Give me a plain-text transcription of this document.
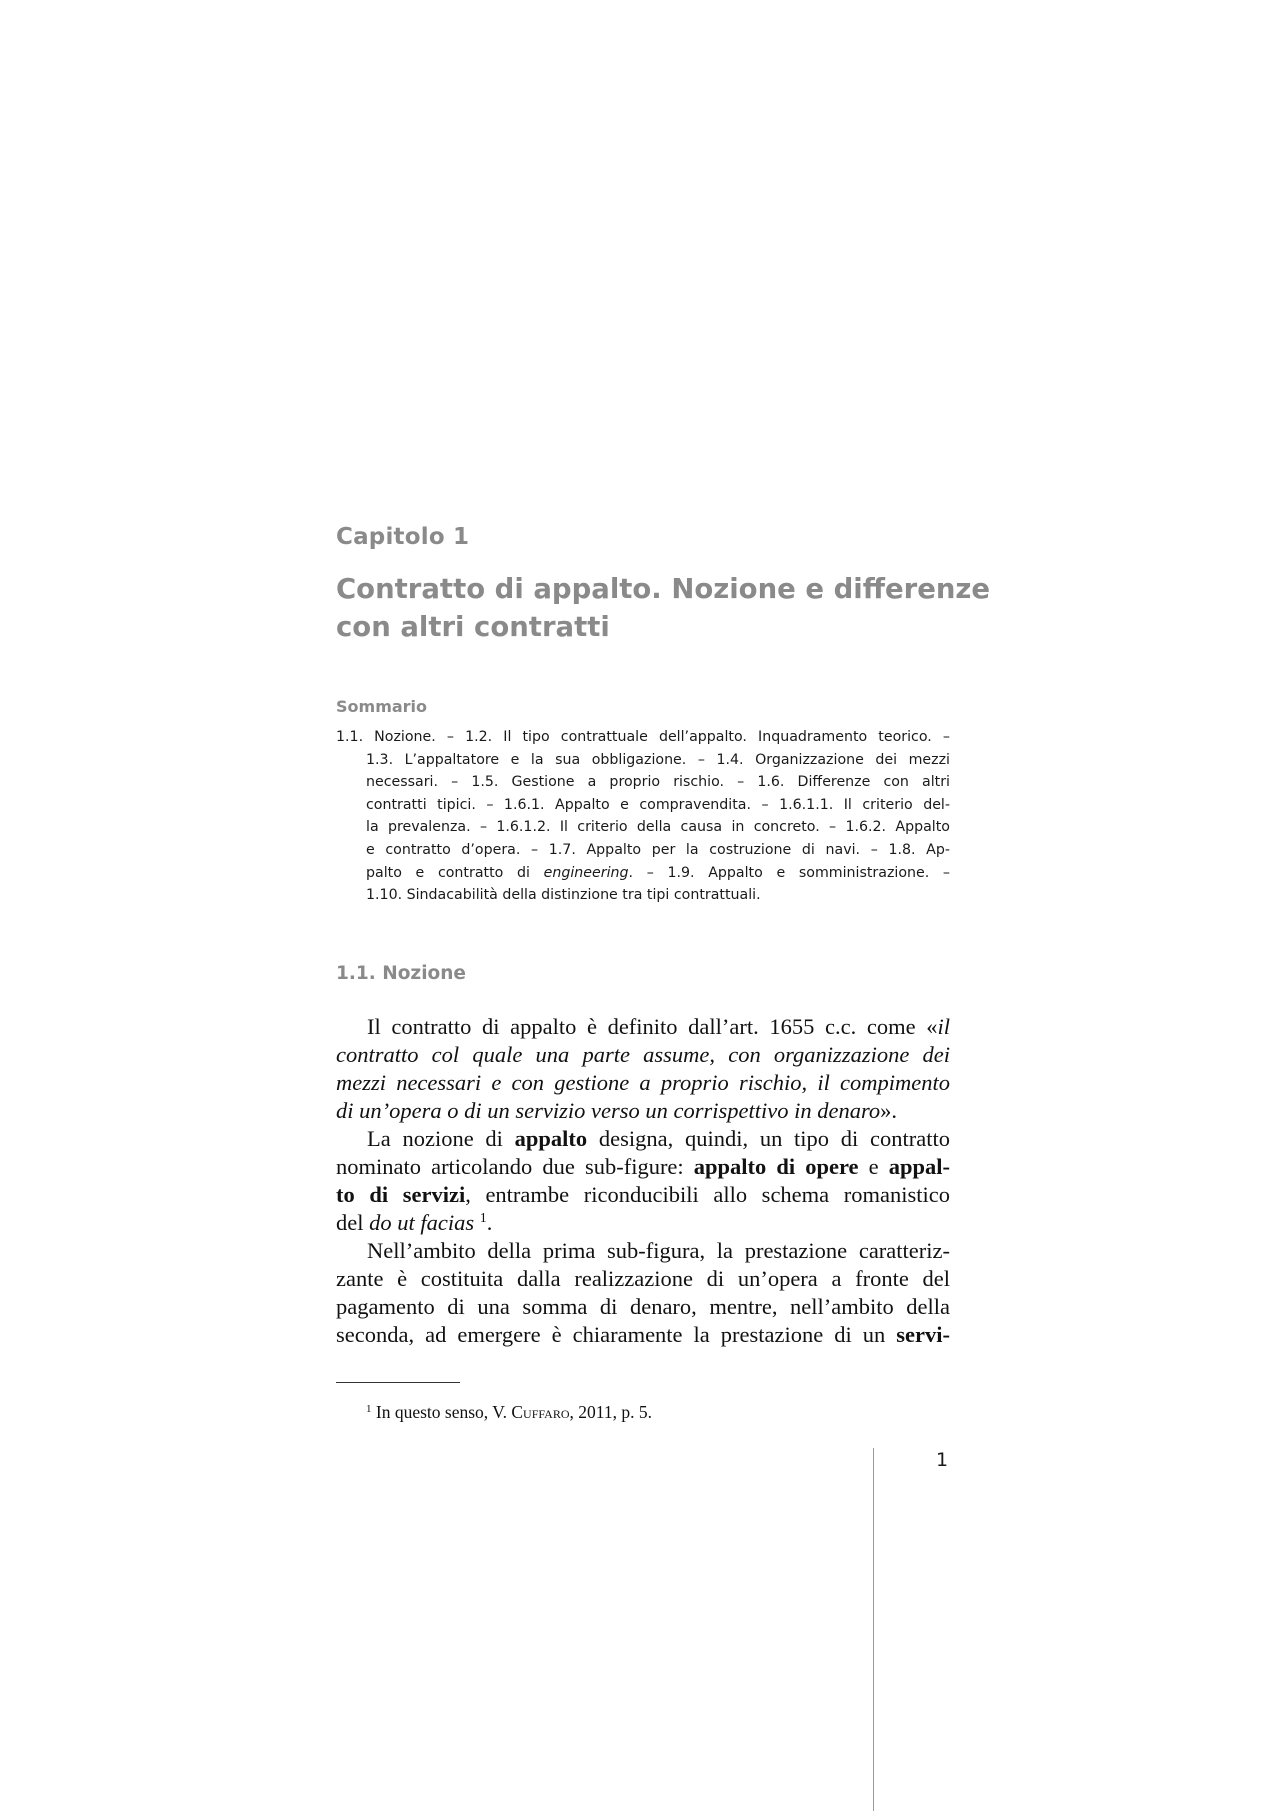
Capitolo 1
Contratto di appalto. Nozione e differenze
con altri contratti
Sommario
1.1. Nozione. – 1.2. Il tipo contrattuale dell’appalto. Inquadramento teorico. –
1.3. L’appaltatore e la sua obbligazione. – 1.4. Organizzazione dei mezzi
necessari. – 1.5. Gestione a proprio rischio. – 1.6. Differenze con altri
contratti tipici. – 1.6.1. Appalto e compravendita. – 1.6.1.1. Il criterio del-
la prevalenza. – 1.6.1.2. Il criterio della causa in concreto. – 1.6.2. Appalto
e contratto d’opera. – 1.7. Appalto per la costruzione di navi. – 1.8. Ap-
palto e contratto di engineering. – 1.9. Appalto e somministrazione. –
1.10. Sindacabilità della distinzione tra tipi contrattuali.
1.1. Nozione
Il contratto di appalto è definito dall’art. 1655 c.c. come «il
contratto col quale una parte assume, con organizzazione dei
mezzi necessari e con gestione a proprio rischio, il compimento
di un’opera o di un servizio verso un corrispettivo in denaro».
La nozione di appalto designa, quindi, un tipo di contratto
nominato articolando due sub-figure: appalto di opere e appal-
to di servizi, entrambe riconducibili allo schema romanistico
del do ut facias $^1$.
Nell’ambito della prima sub-figura, la prestazione caratteriz-
zante è costituita dalla realizzazione di un’opera a fronte del
pagamento di una somma di denaro, mentre, nell’ambito della
seconda, ad emergere è chiaramente la prestazione di un servi-
$^1$ In questo senso, V. Cuffaro, 2011, p. 5.
1
